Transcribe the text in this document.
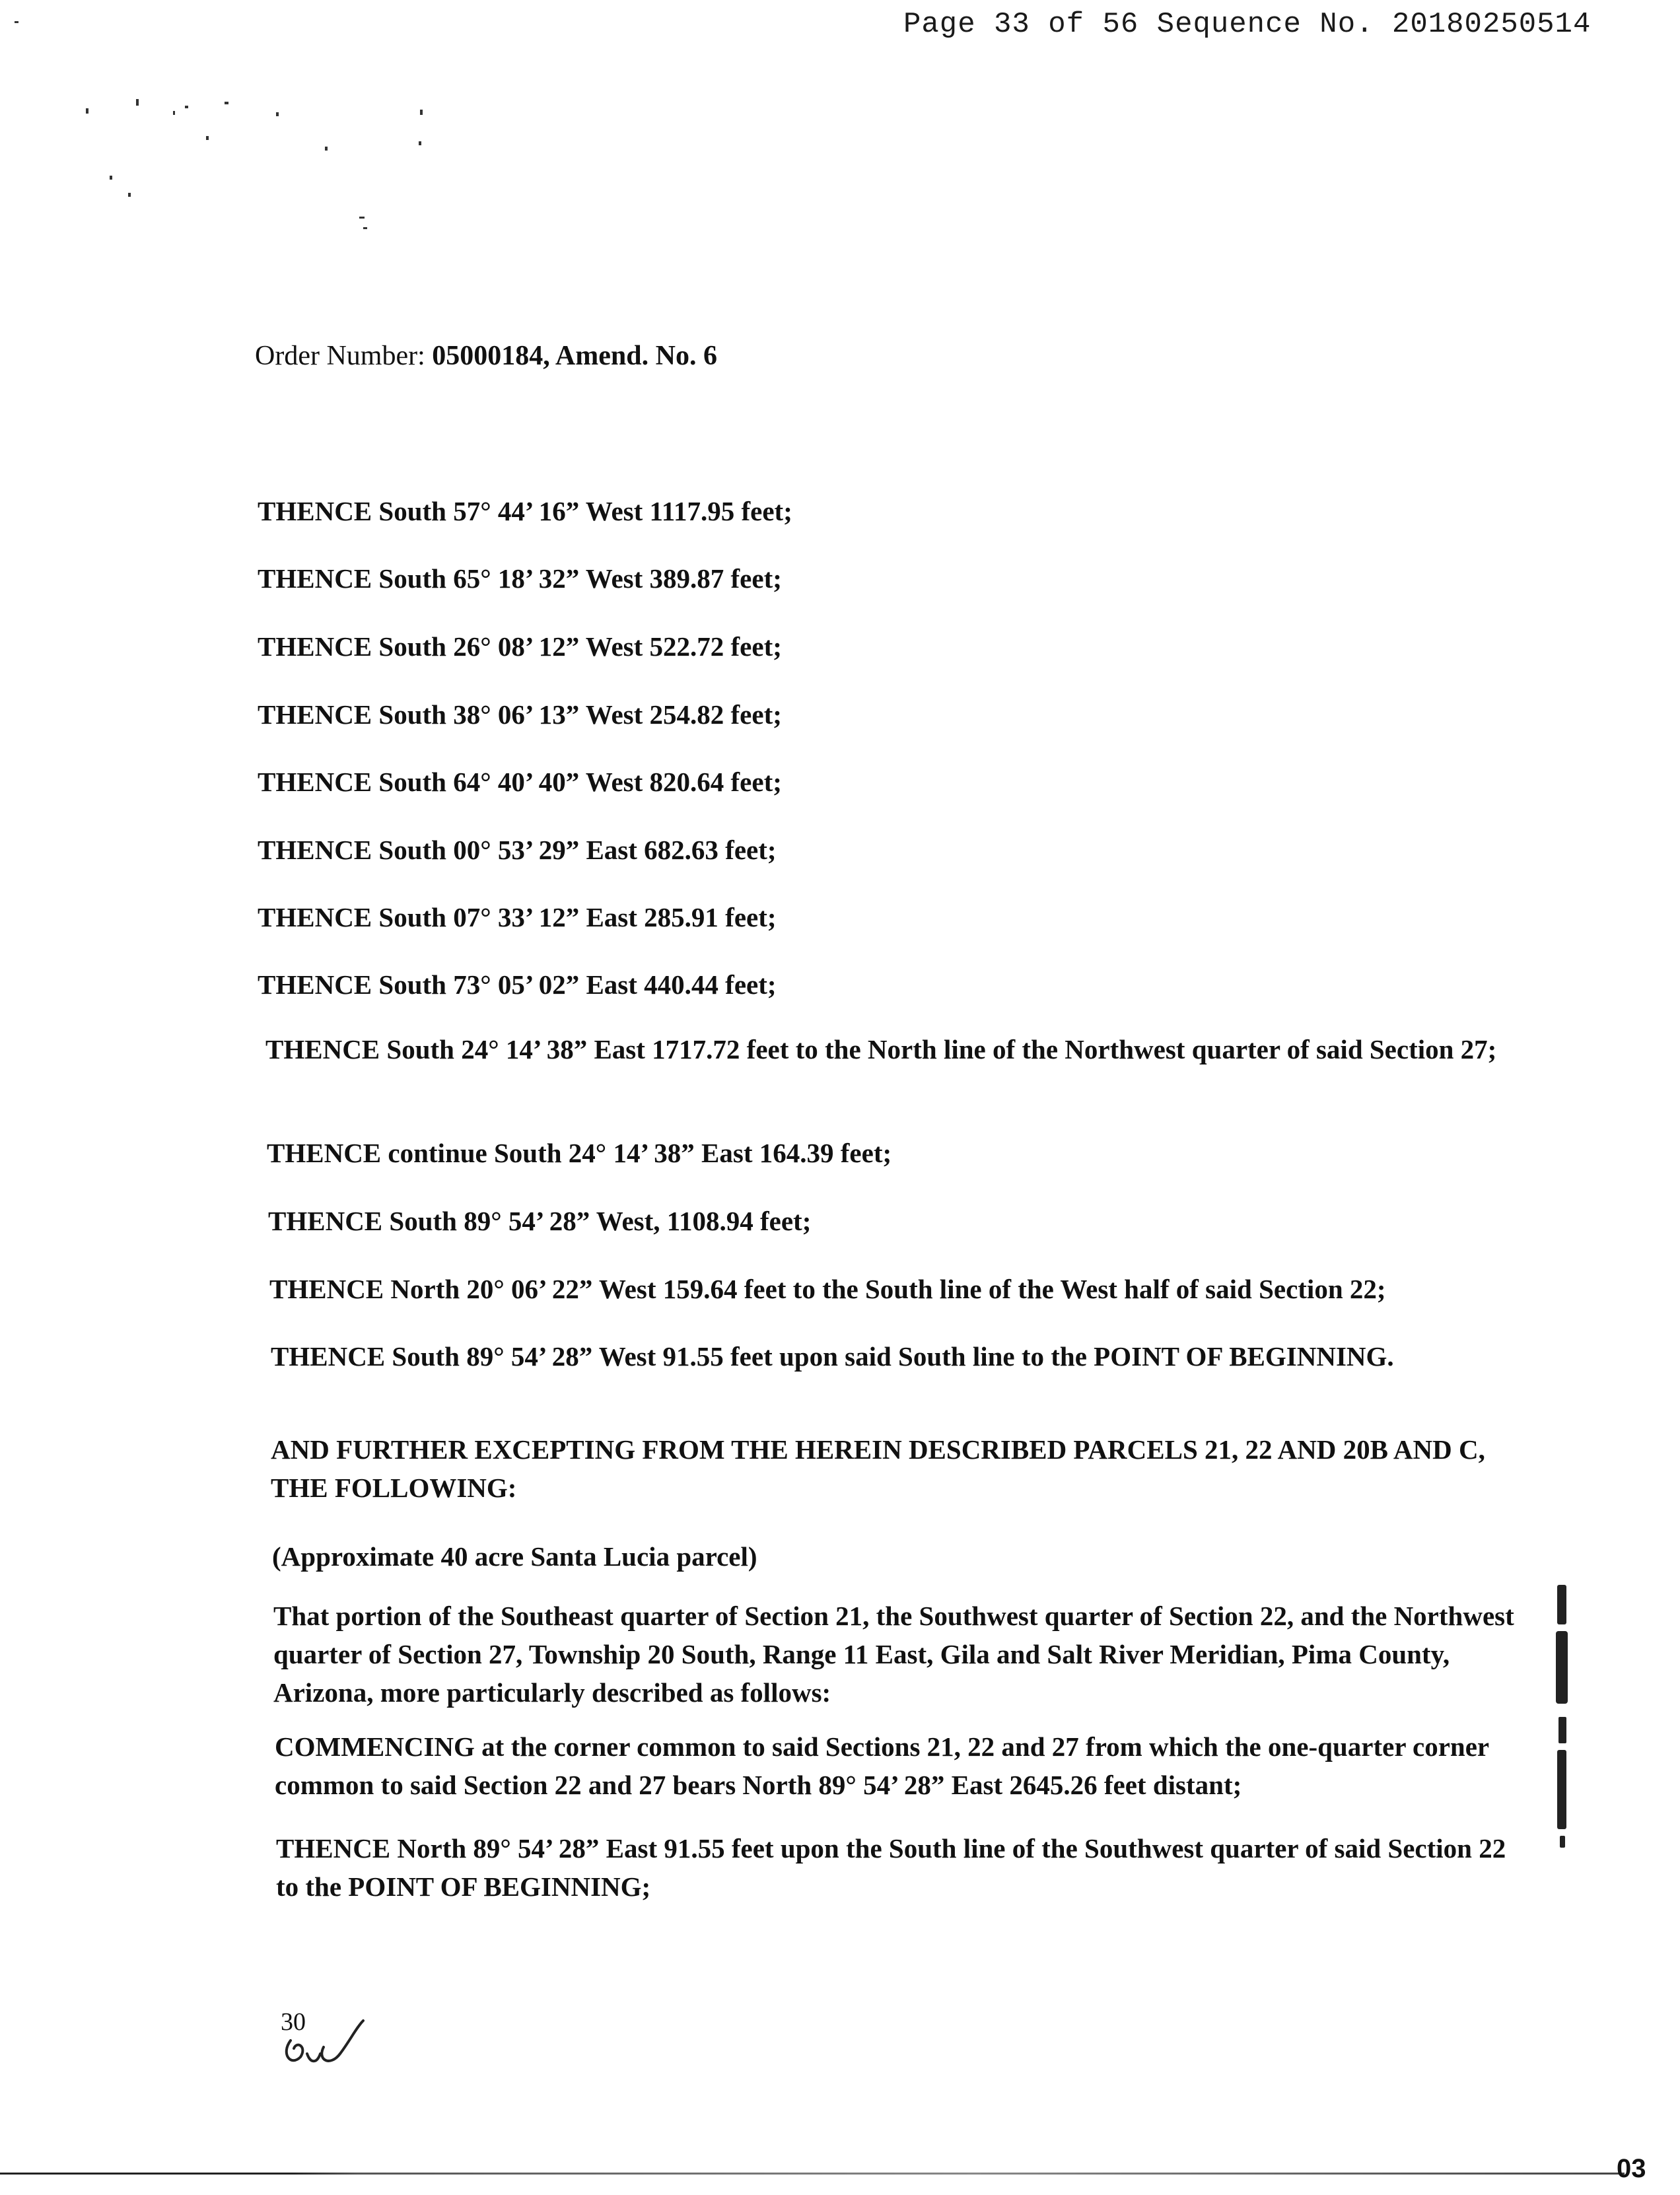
Page 33 of 56 Sequence No. 20180250514
Order Number: 05000184, Amend. No. 6
THENCE South 57° 44’ 16” West 1117.95 feet;
THENCE South 65° 18’ 32” West 389.87 feet;
THENCE South 26° 08’ 12” West 522.72 feet;
THENCE South 38° 06’ 13” West 254.82 feet;
THENCE South 64° 40’ 40” West 820.64 feet;
THENCE South 00° 53’ 29” East 682.63 feet;
THENCE South 07° 33’ 12” East 285.91 feet;
THENCE South 73° 05’ 02” East 440.44 feet;
THENCE South 24° 14’ 38” East 1717.72 feet to the North line of the Northwest quarter of said Section 27;
THENCE continue South 24° 14’ 38” East 164.39 feet;
THENCE South 89° 54’ 28” West, 1108.94 feet;
THENCE North 20° 06’ 22” West 159.64 feet to the South line of the West half of said Section 22;
THENCE South 89° 54’ 28” West 91.55 feet upon said South line to the POINT OF BEGINNING.
AND FURTHER EXCEPTING FROM THE HEREIN DESCRIBED PARCELS 21, 22 AND 20B AND C, THE FOLLOWING:
(Approximate 40 acre Santa Lucia parcel)
That portion of the Southeast quarter of Section 21, the Southwest quarter of Section 22, and the Northwest quarter of Section 27, Township 20 South, Range 11 East, Gila and Salt River Meridian, Pima County, Arizona, more particularly described as follows:
COMMENCING at the corner common to said Sections 21, 22 and 27 from which the one-quarter corner common to said Section 22 and 27 bears North 89° 54’ 28” East 2645.26 feet distant;
THENCE North 89° 54’ 28” East 91.55 feet upon the South line of the Southwest quarter of said Section 22 to the POINT OF BEGINNING;
30
03
